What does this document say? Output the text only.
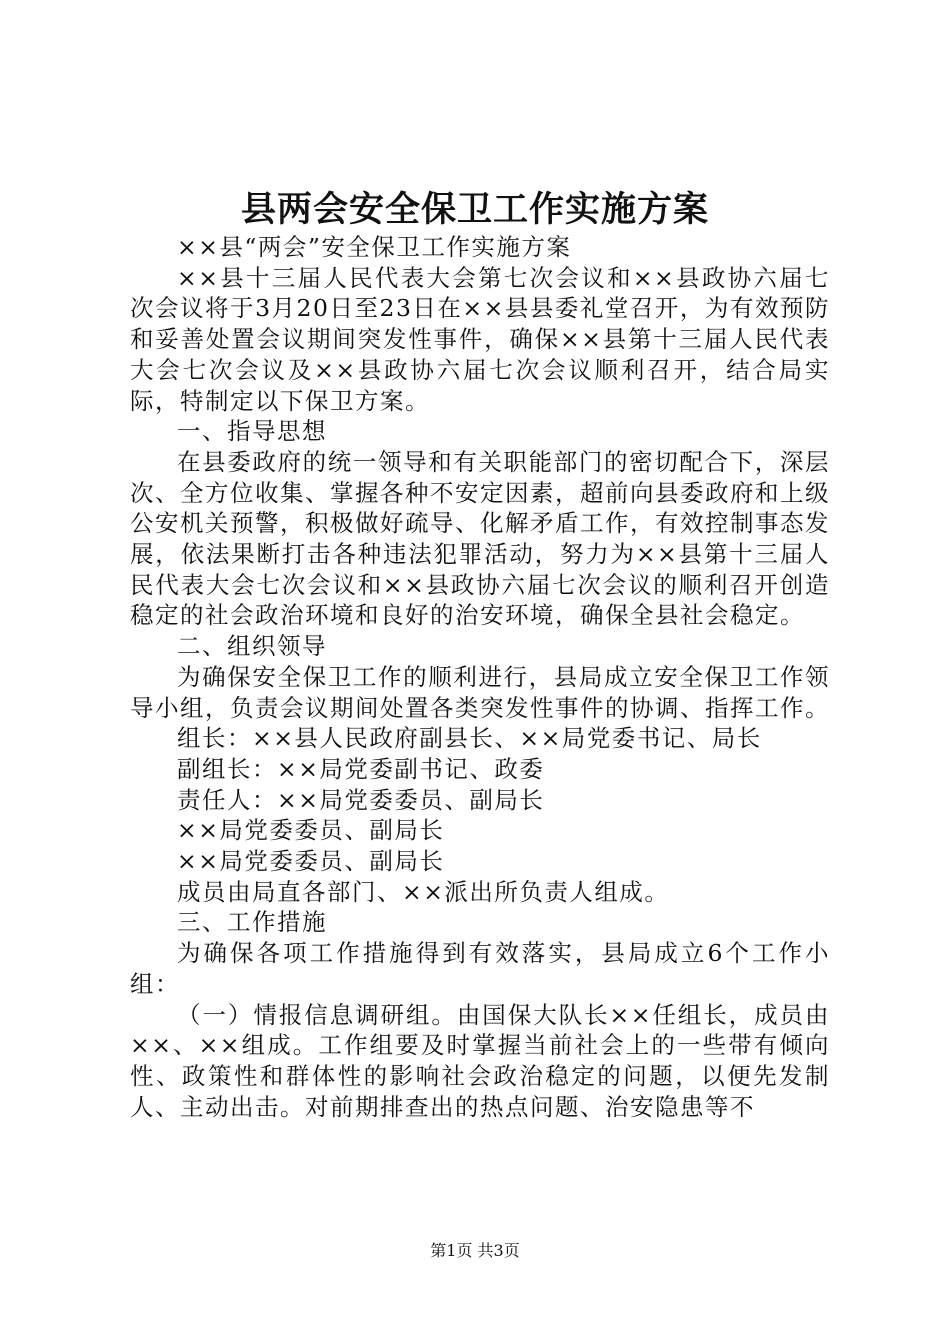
县两会安全保卫工作实施方案

××县“两会”安全保卫工作实施方案

××县十三届人民代表大会第七次会议和××县政协六届七次会议将于3月20日至23日在××县县委礼堂召开，为有效预防和妥善处置会议期间突发性事件，确保××县第十三届人民代表大会七次会议及××县政协六届七次会议顺利召开，结合局实际，特制定以下保卫方案。

一、指导思想

在县委政府的统一领导和有关职能部门的密切配合下，深层次、全方位收集、掌握各种不安定因素，超前向县委政府和上级公安机关预警，积极做好疏导、化解矛盾工作，有效控制事态发展，依法果断打击各种违法犯罪活动，努力为××县第十三届人民代表大会七次会议和××县政协六届七次会议的顺利召开创造稳定的社会政治环境和良好的治安环境，确保全县社会稳定。

二、组织领导

为确保安全保卫工作的顺利进行，县局成立安全保卫工作领导小组，负责会议期间处置各类突发性事件的协调、指挥工作。

组长：××县人民政府副县长、××局党委书记、局长

副组长：××局党委副书记、政委

责任人：××局党委委员、副局长

××局党委委员、副局长

××局党委委员、副局长

成员由局直各部门、××派出所负责人组成。

三、工作措施

为确保各项工作措施得到有效落实，县局成立6个工作小组：

（一）情报信息调研组。由国保大队长××任组长，成员由××、××组成。工作组要及时掌握当前社会上的一些带有倾向性、政策性和群体性的影响社会政治稳定的问题，以便先发制人、主动出击。对前期排查出的热点问题、治安隐患等不

第1页 共3页
